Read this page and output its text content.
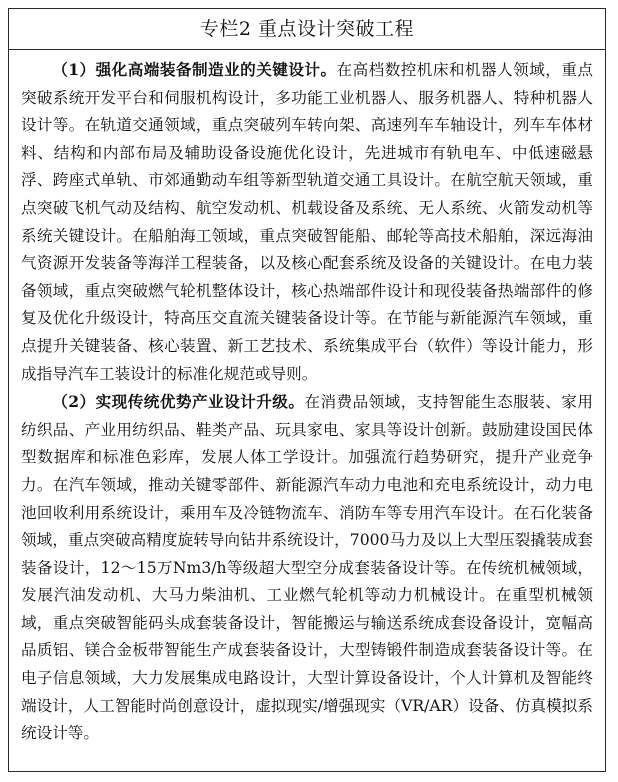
专栏2 重点设计突破工程

（1）强化高端装备制造业的关键设计。在高档数控机床和机器人领域，重点突破系统开发平台和伺服机构设计，多功能工业机器人、服务机器人、特种机器人设计等。在轨道交通领域，重点突破列车转向架、高速列车车轴设计，列车车体材料、结构和内部布局及辅助设备设施优化设计，先进城市有轨电车、中低速磁悬浮、跨座式单轨、市郊通勤动车组等新型轨道交通工具设计。在航空航天领域，重点突破飞机气动及结构、航空发动机、机载设备及系统、无人系统、火箭发动机等系统关键设计。在船舶海工领域，重点突破智能船、邮轮等高技术船舶，深远海油气资源开发装备等海洋工程装备，以及核心配套系统及设备的关键设计。在电力装备领域，重点突破燃气轮机整体设计，核心热端部件设计和现役装备热端部件的修复及优化升级设计，特高压交直流关键装备设计等。在节能与新能源汽车领域，重点提升关键装备、核心装置、新工艺技术、系统集成平台（软件）等设计能力，形成指导汽车工装设计的标准化规范或导则。

（2）实现传统优势产业设计升级。在消费品领域，支持智能生态服装、家用纺织品、产业用纺织品、鞋类产品、玩具家电、家具等设计创新。鼓励建设国民体型数据库和标准色彩库，发展人体工学设计。加强流行趋势研究，提升产业竞争力。在汽车领域，推动关键零部件、新能源汽车动力电池和充电系统设计，动力电池回收利用系统设计，乘用车及冷链物流车、消防车等专用汽车设计。在石化装备领域，重点突破高精度旋转导向钻井系统设计，7000马力及以上大型压裂撬装成套装备设计，12～15万Nm3/h等级超大型空分成套装备设计等。在传统机械领域，发展汽油发动机、大马力柴油机、工业燃气轮机等动力机械设计。在重型机械领域，重点突破智能码头成套装备设计，智能搬运与输送系统成套设备设计，宽幅高品质铝、镁合金板带智能生产成套装备设计，大型铸锻件制造成套装备设计等。在电子信息领域，大力发展集成电路设计，大型计算设备设计，个人计算机及智能终端设计，人工智能时尚创意设计，虚拟现实/增强现实（VR/AR）设备、仿真模拟系统设计等。
